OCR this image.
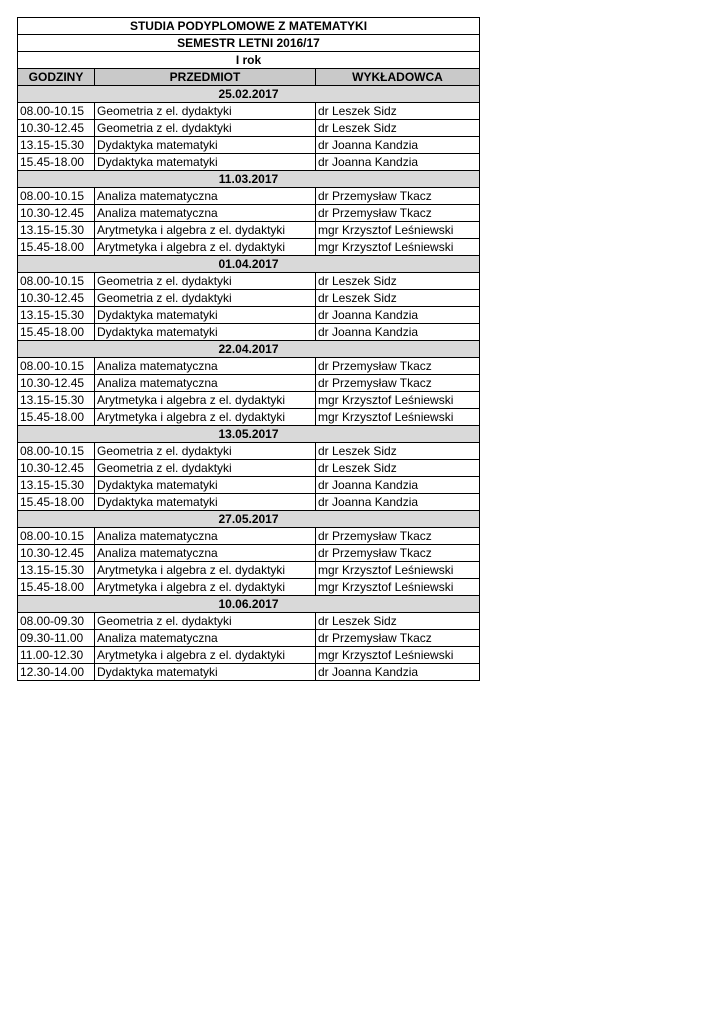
STUDIA PODYPLOMOWE Z MATEMATYKI		
SEMESTR LETNI 2016/17		
I rok		
GODZINY	PRZEDMIOT	WYKŁADOWCA
25.02.2017		
08.00-10.15	Geometria z el. dydaktyki	dr Leszek Sidz
10.30-12.45	Geometria z el. dydaktyki	dr Leszek Sidz
13.15-15.30	Dydaktyka matematyki	dr Joanna Kandzia
15.45-18.00	Dydaktyka matematyki	dr Joanna Kandzia
11.03.2017		
08.00-10.15	Analiza matematyczna	dr Przemysław Tkacz
10.30-12.45	Analiza matematyczna	dr Przemysław Tkacz
13.15-15.30	Arytmetyka i algebra z el. dydaktyki	mgr Krzysztof Leśniewski
15.45-18.00	Arytmetyka i algebra z el. dydaktyki	mgr Krzysztof Leśniewski
01.04.2017		
08.00-10.15	Geometria z el. dydaktyki	dr Leszek Sidz
10.30-12.45	Geometria z el. dydaktyki	dr Leszek Sidz
13.15-15.30	Dydaktyka matematyki	dr Joanna Kandzia
15.45-18.00	Dydaktyka matematyki	dr Joanna Kandzia
22.04.2017		
08.00-10.15	Analiza matematyczna	dr Przemysław Tkacz
10.30-12.45	Analiza matematyczna	dr Przemysław Tkacz
13.15-15.30	Arytmetyka i algebra z el. dydaktyki	mgr Krzysztof Leśniewski
15.45-18.00	Arytmetyka i algebra z el. dydaktyki	mgr Krzysztof Leśniewski
13.05.2017		
08.00-10.15	Geometria z el. dydaktyki	dr Leszek Sidz
10.30-12.45	Geometria z el. dydaktyki	dr Leszek Sidz
13.15-15.30	Dydaktyka matematyki	dr Joanna Kandzia
15.45-18.00	Dydaktyka matematyki	dr Joanna Kandzia
27.05.2017		
08.00-10.15	Analiza matematyczna	dr Przemysław Tkacz
10.30-12.45	Analiza matematyczna	dr Przemysław Tkacz
13.15-15.30	Arytmetyka i algebra z el. dydaktyki	mgr Krzysztof Leśniewski
15.45-18.00	Arytmetyka i algebra z el. dydaktyki	mgr Krzysztof Leśniewski
10.06.2017		
08.00-09.30	Geometria z el. dydaktyki	dr Leszek Sidz
09.30-11.00	Analiza matematyczna	dr Przemysław Tkacz
11.00-12.30	Arytmetyka i algebra z el. dydaktyki	mgr Krzysztof Leśniewski
12.30-14.00	Dydaktyka matematyki	dr Joanna Kandzia
